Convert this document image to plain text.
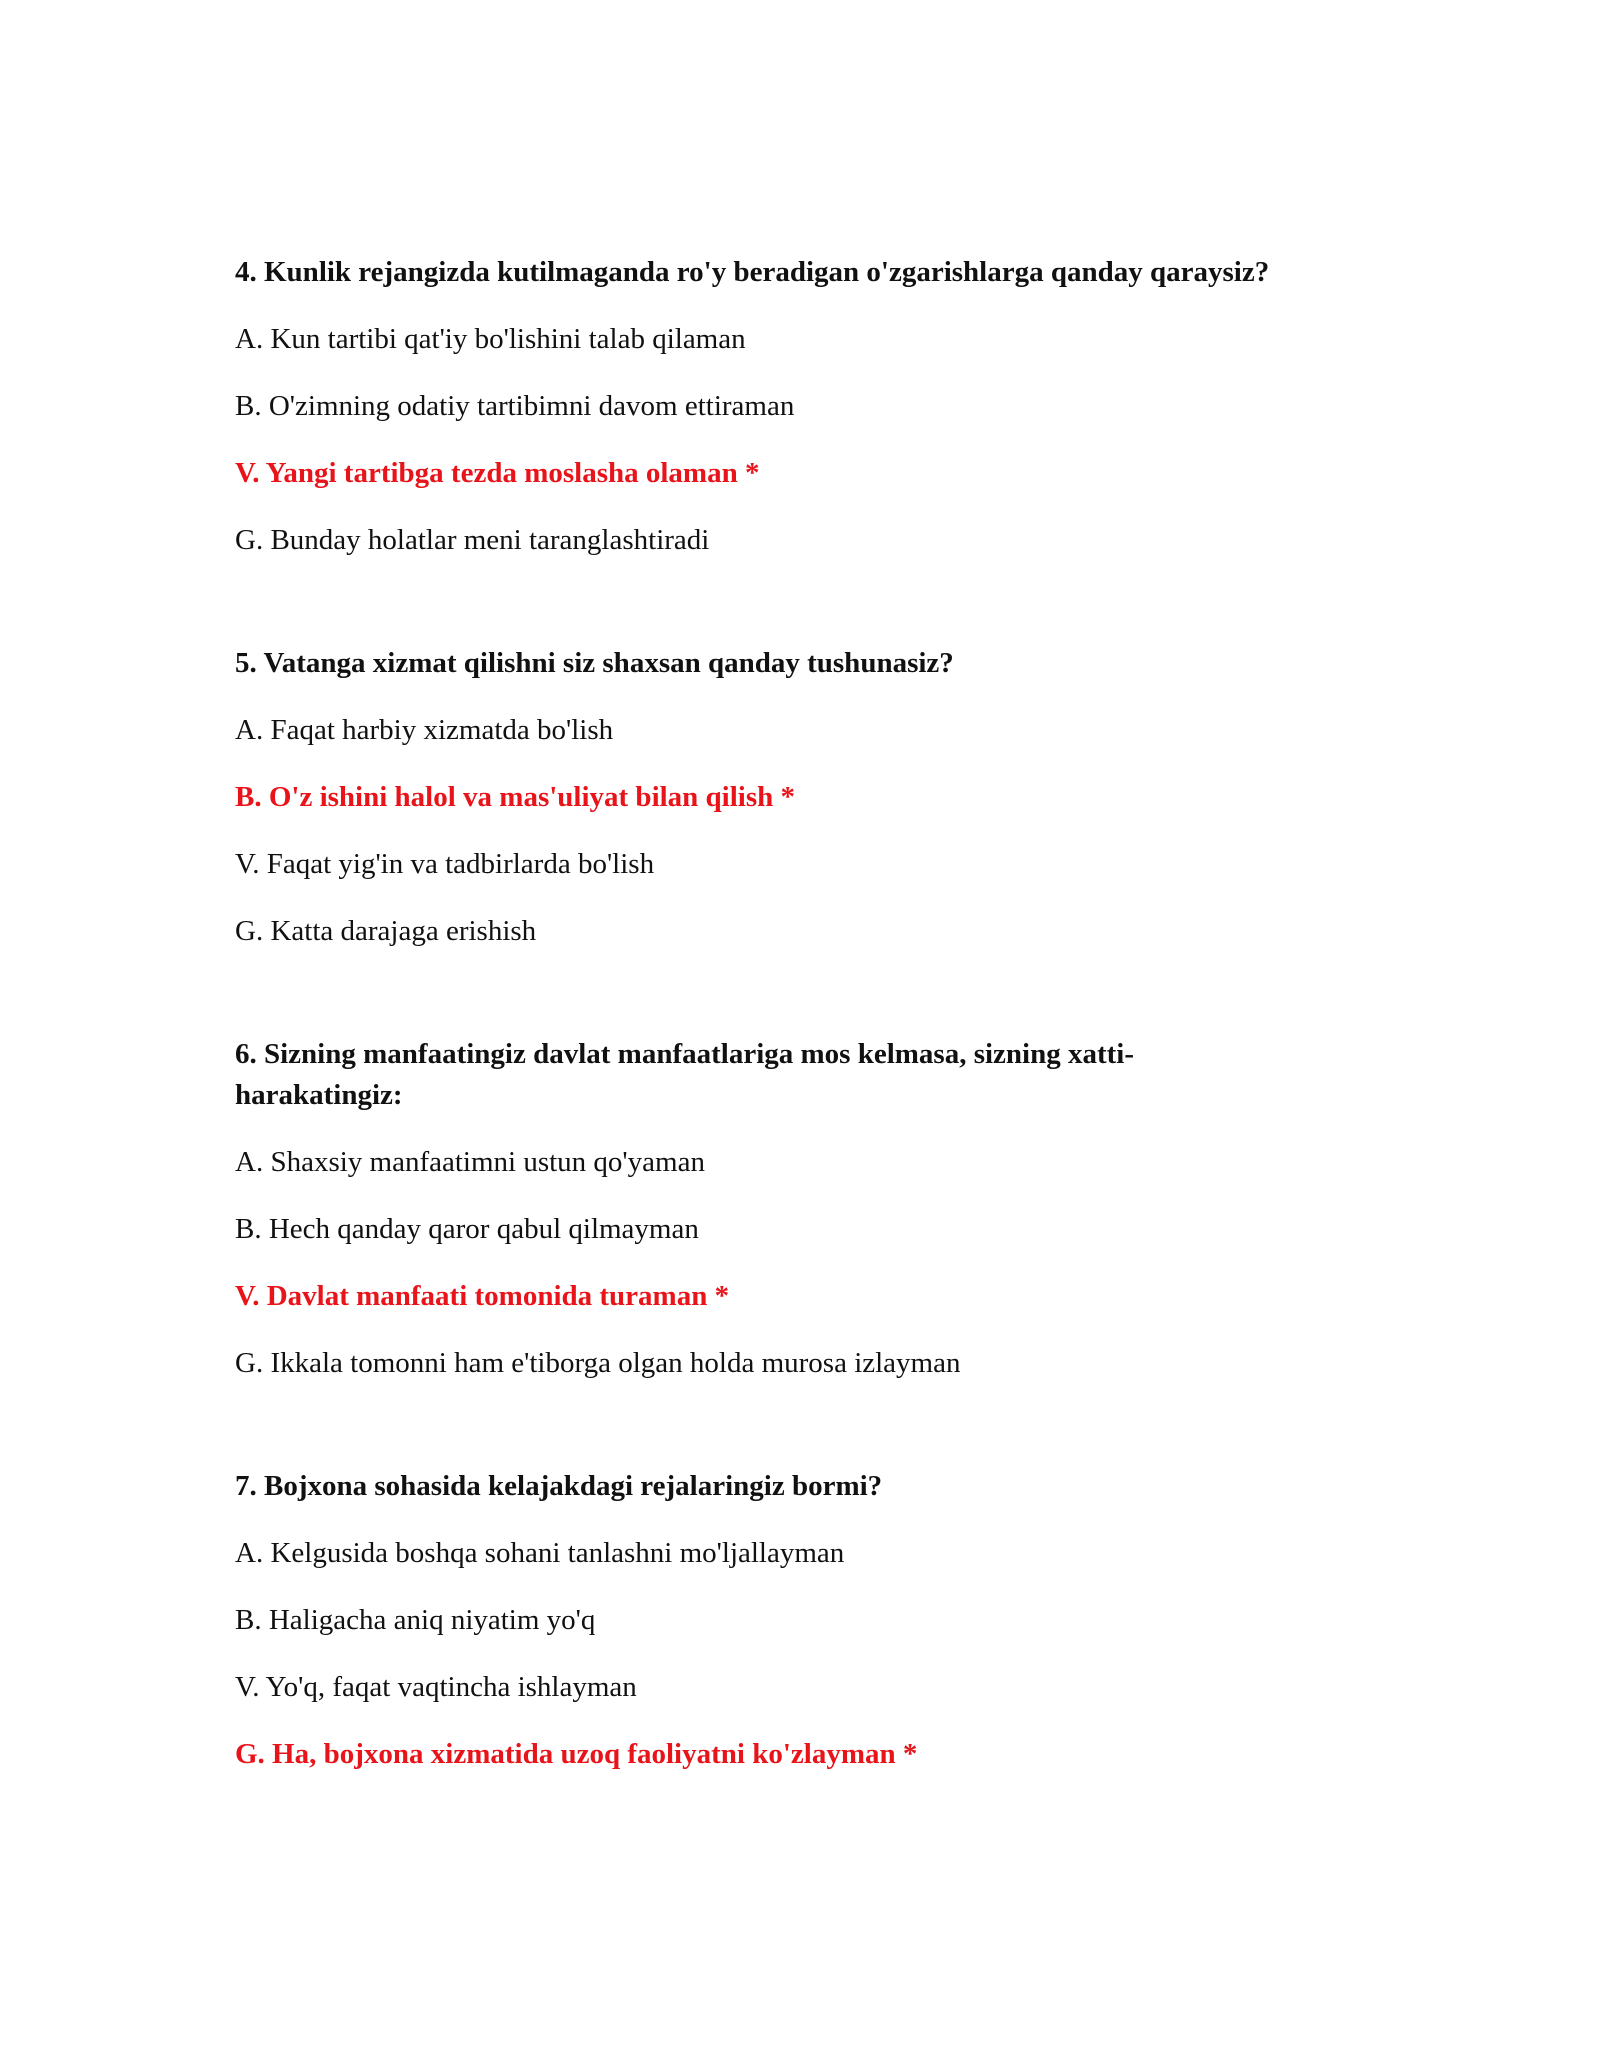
4. Kunlik rejangizda kutilmaganda ro'y beradigan o'zgarishlarga qanday qaraysiz?
A. Kun tartibi qat'iy bo'lishini talab qilaman
B. O'zimning odatiy tartibimni davom ettiraman
V. Yangi tartibga tezda moslasha olaman *
G. Bunday holatlar meni taranglashtiradi
5. Vatanga xizmat qilishni siz shaxsan qanday tushunasiz?
A. Faqat harbiy xizmatda bo'lish
B. O'z ishini halol va mas'uliyat bilan qilish *
V. Faqat yig'in va tadbirlarda bo'lish
G. Katta darajaga erishish
6. Sizning manfaatingiz davlat manfaatlariga mos kelmasa, sizning xatti-
harakatingiz:
A. Shaxsiy manfaatimni ustun qo'yaman
B. Hech qanday qaror qabul qilmayman
V. Davlat manfaati tomonida turaman *
G. Ikkala tomonni ham e'tiborga olgan holda murosa izlayman
7. Bojxona sohasida kelajakdagi rejalaringiz bormi?
A. Kelgusida boshqa sohani tanlashni mo'ljallayman
B. Haligacha aniq niyatim yo'q
V. Yo'q, faqat vaqtincha ishlayman
G. Ha, bojxona xizmatida uzoq faoliyatni ko'zlayman *
